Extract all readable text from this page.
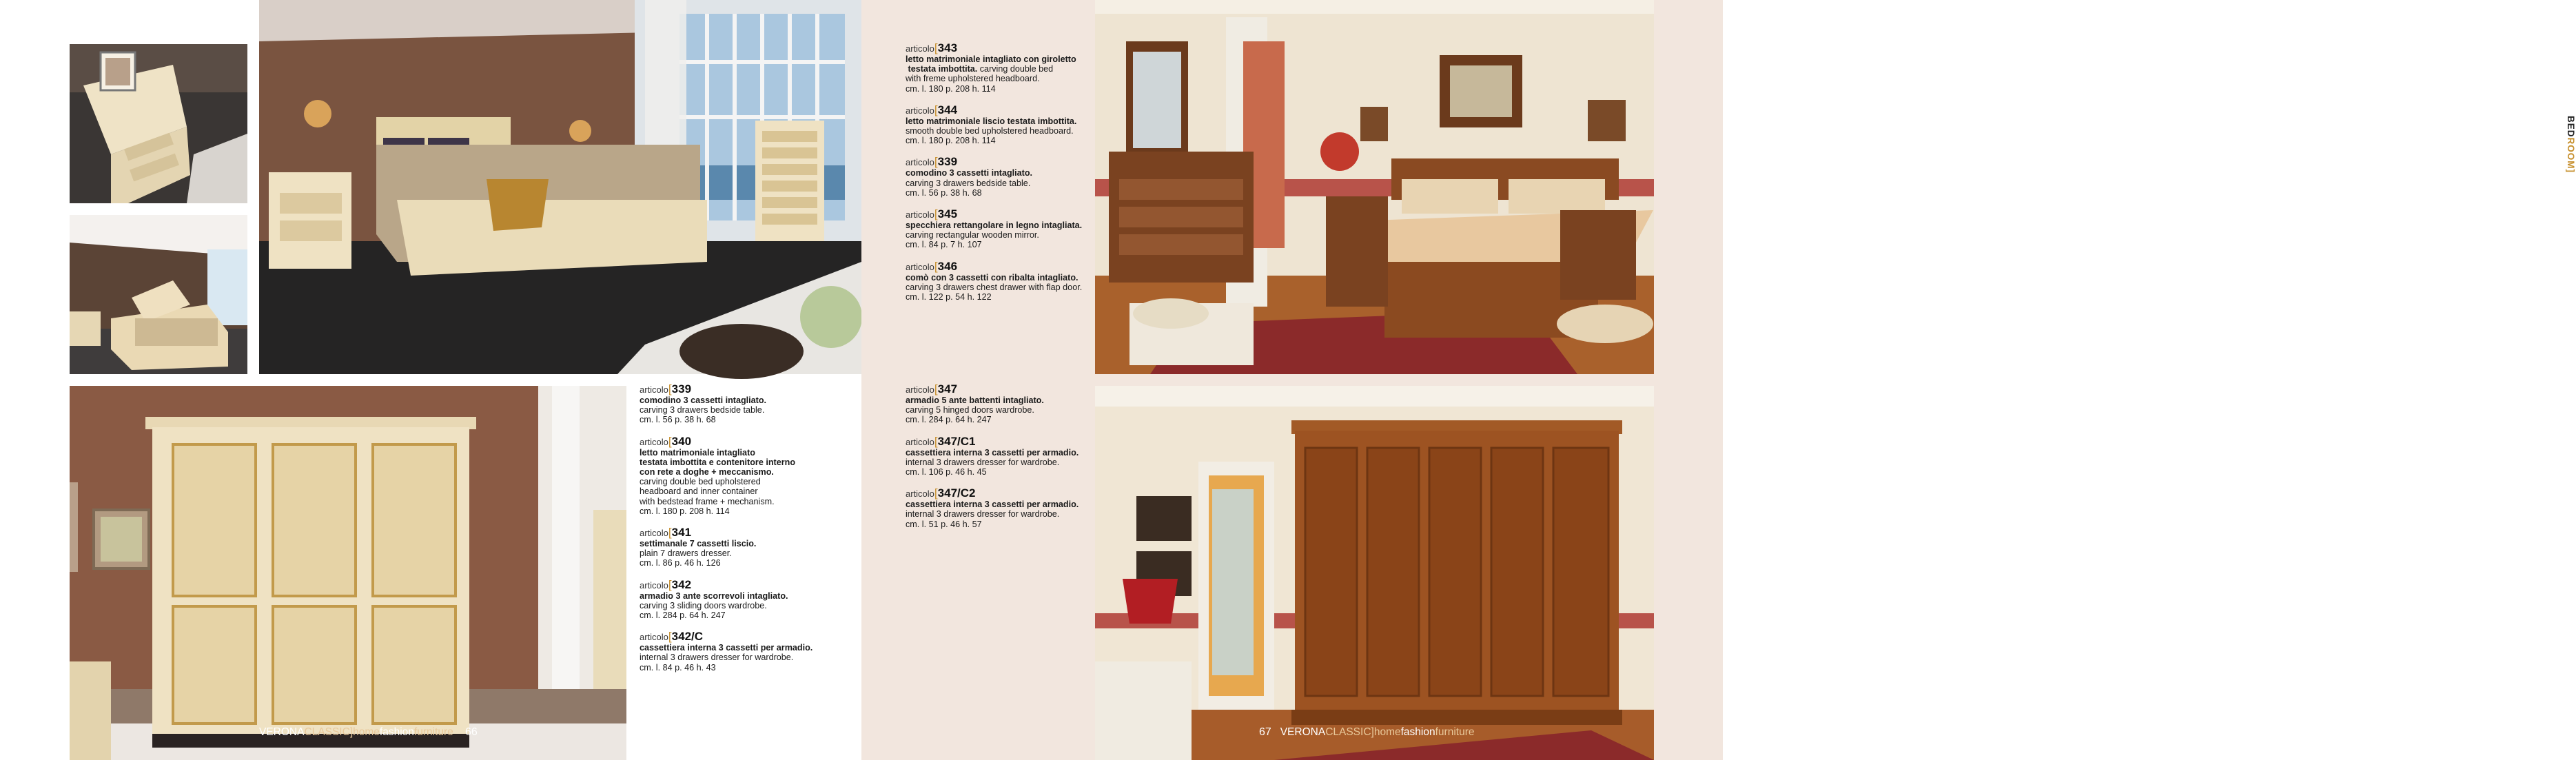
articolo[339
comodino 3 cassetti intagliato.
carving 3 drawers bedside table.
cm. l. 56 p. 38 h. 68
articolo[340
letto matrimoniale intagliato
testata imbottita e contenitore interno
con rete a doghe + meccanismo.
carving double bed upholstered
headboard and inner container
with bedstead frame + mechanism.
cm. l. 180 p. 208 h. 114
articolo[341
settimanale 7 cassetti liscio.
plain 7 drawers dresser.
cm. l. 86 p. 46 h. 126
articolo[342
armadio 3 ante scorrevoli intagliato.
carving 3 sliding doors wardrobe.
cm. l. 284 p. 64 h. 247
articolo[342/C
cassettiera interna 3 cassetti per armadio.
internal 3 drawers dresser for wardrobe.
cm. l. 84 p. 46 h. 43
VERONACLASSIC]homefashionfurniture 66
articolo[343
letto matrimoniale intagliato con giroletto
testata imbottita. carving double bed
with freme upholstered headboard.
cm. l. 180 p. 208 h. 114
articolo[344
letto matrimoniale liscio testata imbottita.
smooth double bed upholstered headboard.
cm. l. 180 p. 208 h. 114
articolo[339
comodino 3 cassetti intagliato.
carving 3 drawers bedside table.
cm. l. 56 p. 38 h. 68
articolo[345
specchiera rettangolare in legno intagliata.
carving rectangular wooden mirror.
cm. l. 84 p. 7 h. 107
articolo[346
comò con 3 cassetti con ribalta intagliato.
carving 3 drawers chest drawer with flap door.
cm. l. 122 p. 54 h. 122
articolo[347
armadio 5 ante battenti intagliato.
carving 5 hinged doors wardrobe.
cm. l. 284 p. 64 h. 247
articolo[347/C1
cassettiera interna 3 cassetti per armadio.
internal 3 drawers dresser for wardrobe.
cm. l. 106 p. 46 h. 45
articolo[347/C2
cassettiera interna 3 cassetti per armadio.
internal 3 drawers dresser for wardrobe.
cm. l. 51 p. 46 h. 57
BEDROOM]
67 VERONACLASSIC]homefashionfurniture
